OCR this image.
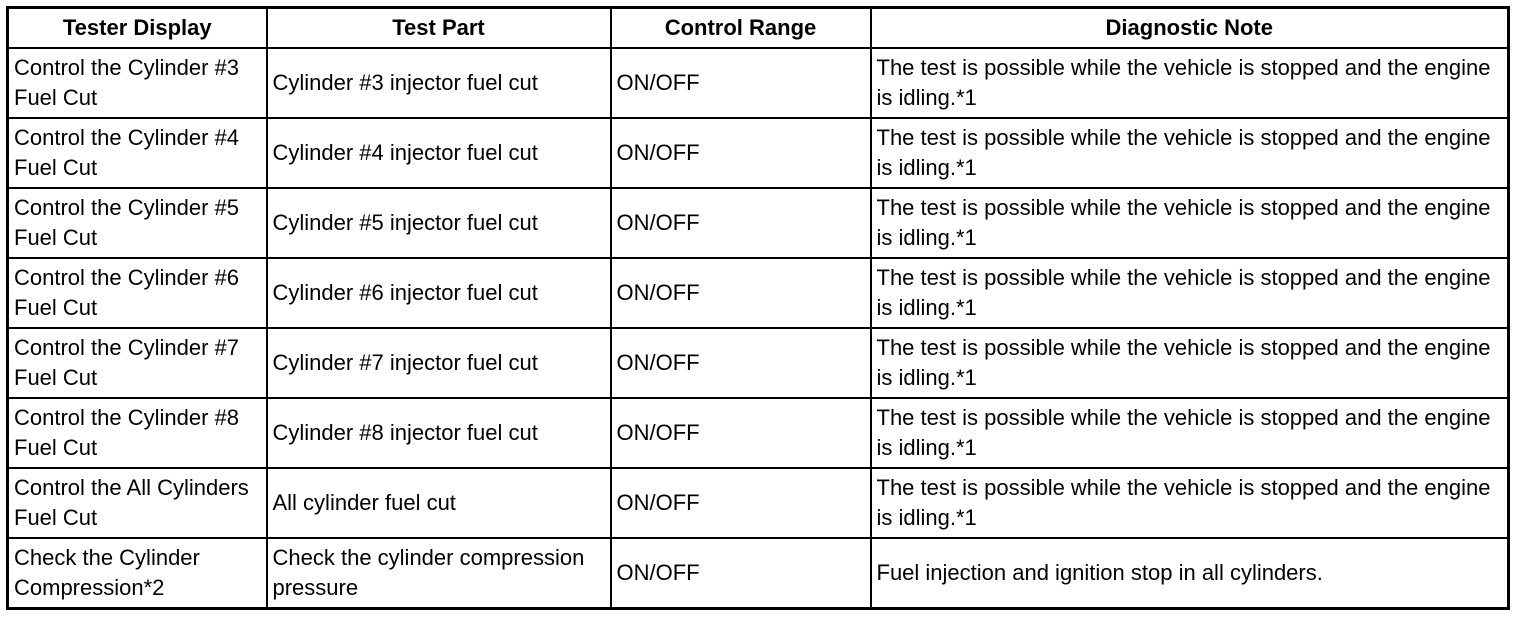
Tester Display	Test Part	Control Range	Diagnostic Note
Control the Cylinder #3 Fuel Cut	Cylinder #3 injector fuel cut	ON/OFF	The test is possible while the vehicle is stopped and the engine is idling.*1
Control the Cylinder #4 Fuel Cut	Cylinder #4 injector fuel cut	ON/OFF	The test is possible while the vehicle is stopped and the engine is idling.*1
Control the Cylinder #5 Fuel Cut	Cylinder #5 injector fuel cut	ON/OFF	The test is possible while the vehicle is stopped and the engine is idling.*1
Control the Cylinder #6 Fuel Cut	Cylinder #6 injector fuel cut	ON/OFF	The test is possible while the vehicle is stopped and the engine is idling.*1
Control the Cylinder #7 Fuel Cut	Cylinder #7 injector fuel cut	ON/OFF	The test is possible while the vehicle is stopped and the engine is idling.*1
Control the Cylinder #8 Fuel Cut	Cylinder #8 injector fuel cut	ON/OFF	The test is possible while the vehicle is stopped and the engine is idling.*1
Control the All Cylinders Fuel Cut	All cylinder fuel cut	ON/OFF	The test is possible while the vehicle is stopped and the engine is idling.*1
Check the Cylinder Compression*2	Check the cylinder compression pressure	ON/OFF	Fuel injection and ignition stop in all cylinders.
